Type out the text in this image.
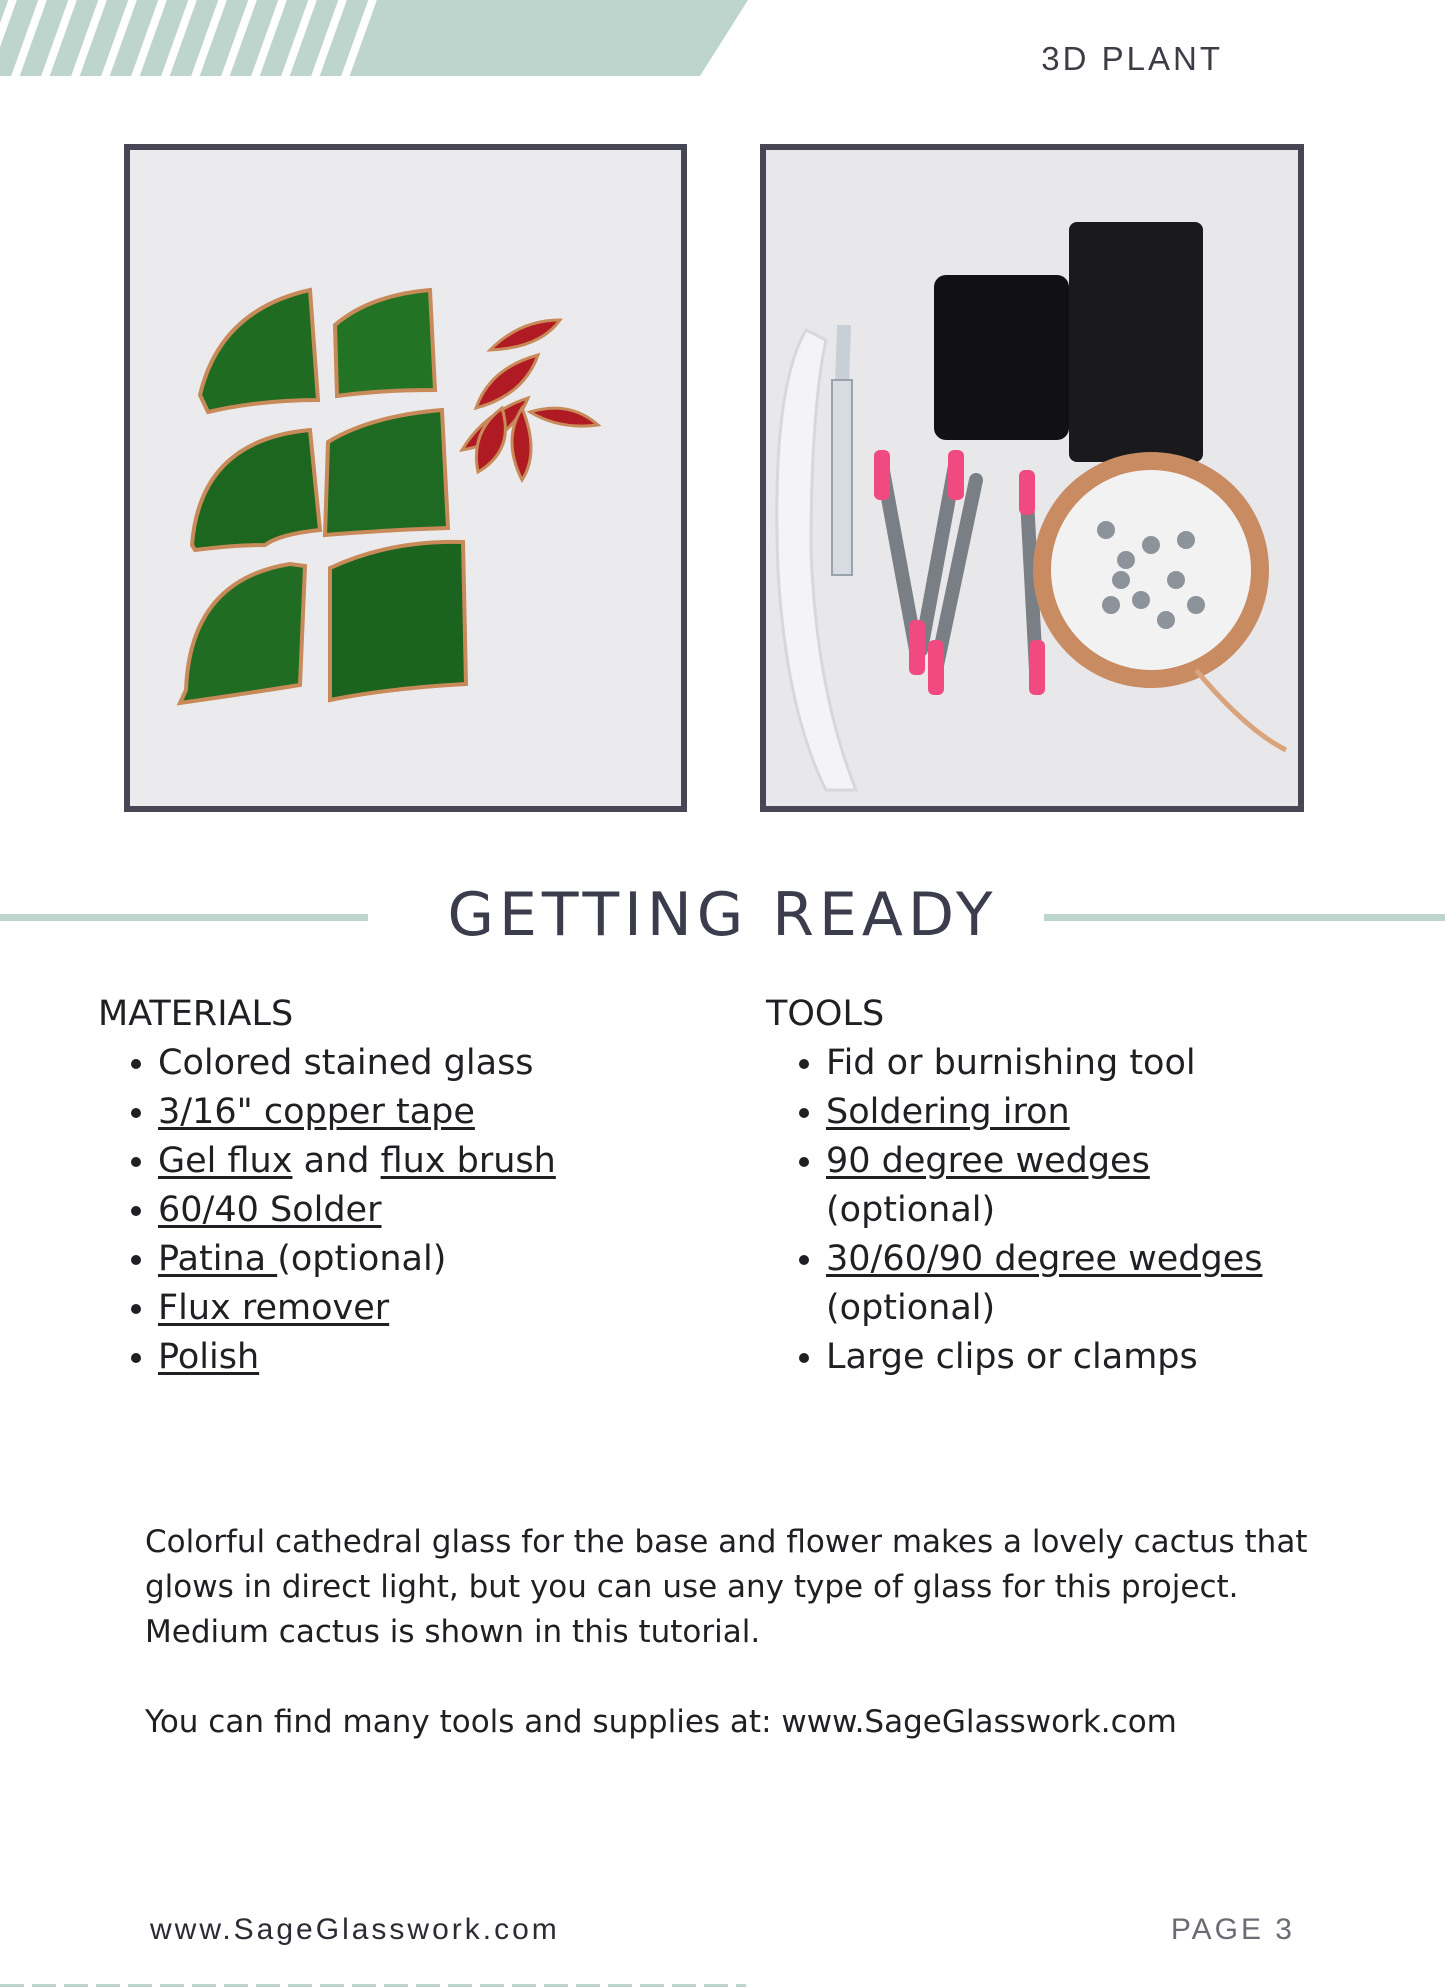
3D PLANT
GETTING READY
MATERIALS
• Colored stained glass
• 3/16" copper tape
• Gel flux and flux brush
• 60/40 Solder
• Patina (optional)
• Flux remover
• Polish
TOOLS
• Fid or burnishing tool
• Soldering iron
• 90 degree wedges (optional)
• 30/60/90 degree wedges (optional)
• Large clips or clamps

Colorful cathedral glass for the base and flower makes a lovely cactus that glows in direct light, but you can use any type of glass for this project. Medium cactus is shown in this tutorial.

You can find many tools and supplies at: www.SageGlasswork.com

www.SageGlasswork.com	PAGE 3
